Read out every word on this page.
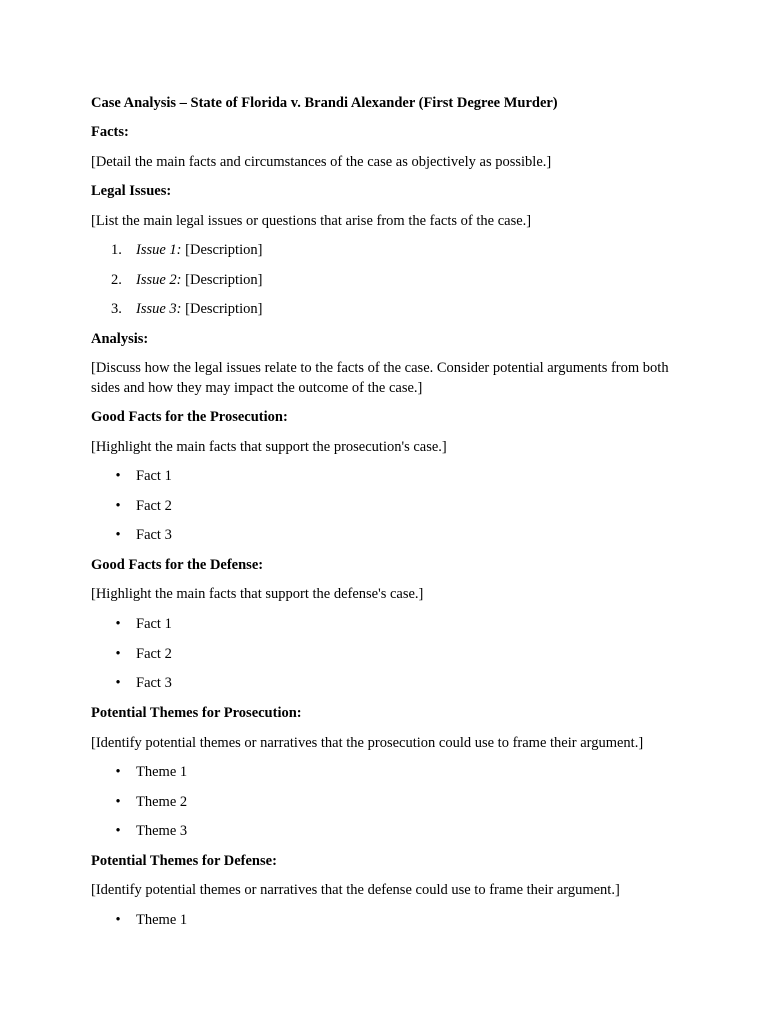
Case Analysis – State of Florida v. Brandi Alexander (First Degree Murder)
Facts:
[Detail the main facts and circumstances of the case as objectively as possible.]
Legal Issues:
[List the main legal issues or questions that arise from the facts of the case.]
1. Issue 1: [Description]
2. Issue 2: [Description]
3. Issue 3: [Description]
Analysis:
[Discuss how the legal issues relate to the facts of the case. Consider potential arguments from both sides and how they may impact the outcome of the case.]
Good Facts for the Prosecution:
[Highlight the main facts that support the prosecution's case.]
• Fact 1
• Fact 2
• Fact 3
Good Facts for the Defense:
[Highlight the main facts that support the defense's case.]
• Fact 1
• Fact 2
• Fact 3
Potential Themes for Prosecution:
[Identify potential themes or narratives that the prosecution could use to frame their argument.]
• Theme 1
• Theme 2
• Theme 3
Potential Themes for Defense:
[Identify potential themes or narratives that the defense could use to frame their argument.]
• Theme 1
